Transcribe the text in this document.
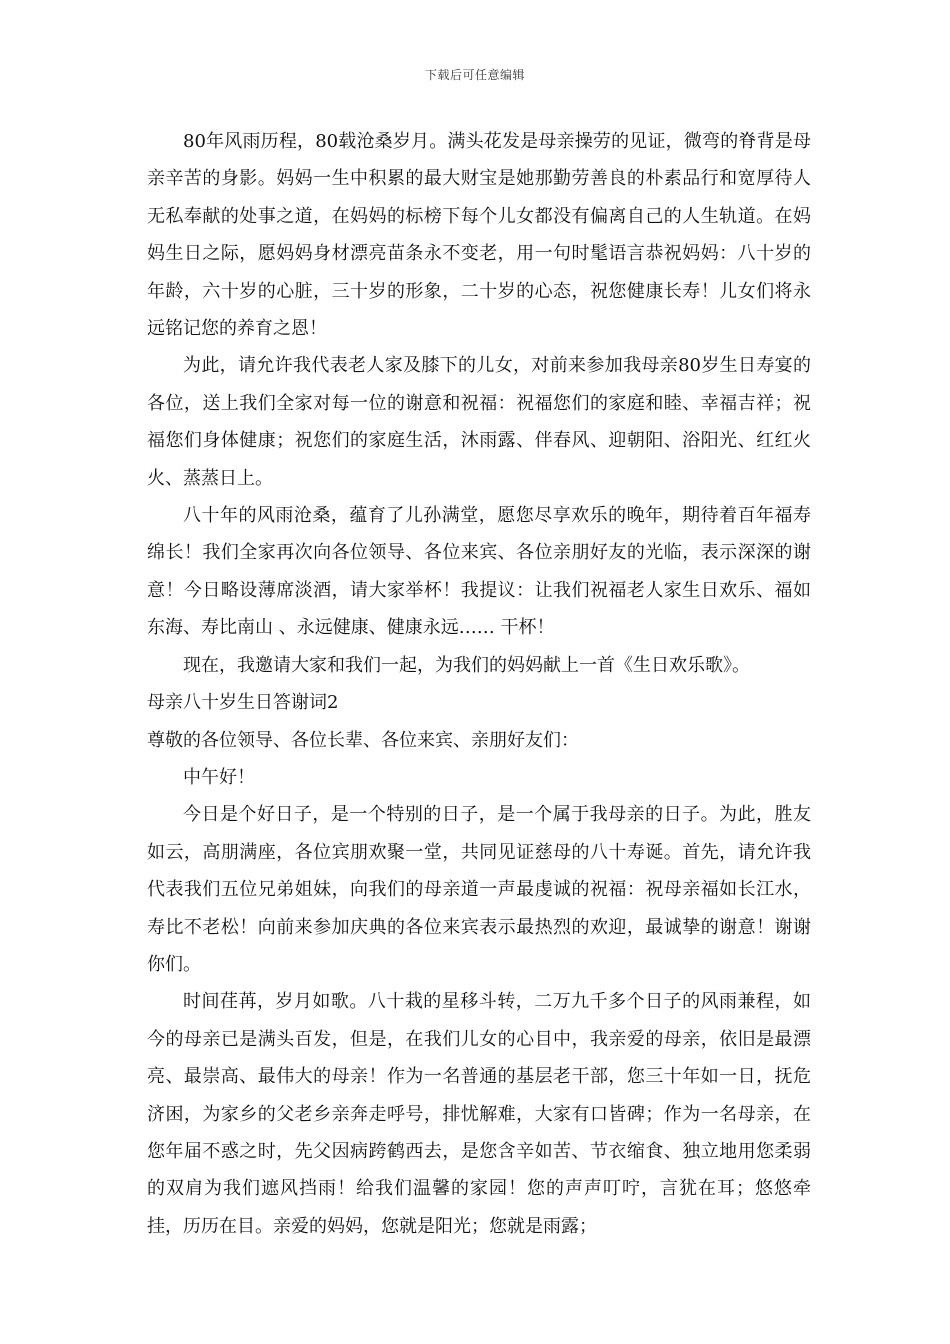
下载后可任意编辑

80年风雨历程，80载沧桑岁月。满头花发是母亲操劳的见证，微弯的脊背是母亲辛苦的身影。妈妈一生中积累的最大财宝是她那勤劳善良的朴素品行和宽厚待人无私奉献的处事之道，在妈妈的标榜下每个儿女都没有偏离自己的人生轨道。在妈妈生日之际，愿妈妈身材漂亮苗条永不变老，用一句时髦语言恭祝妈妈：八十岁的年龄，六十岁的心脏，三十岁的形象，二十岁的心态，祝您健康长寿！儿女们将永远铭记您的养育之恩！

为此，请允许我代表老人家及膝下的儿女，对前来参加我母亲80岁生日寿宴的各位，送上我们全家对每一位的谢意和祝福：祝福您们的家庭和睦、幸福吉祥；祝福您们身体健康；祝您们的家庭生活，沐雨露、伴春风、迎朝阳、浴阳光、红红火火、蒸蒸日上。

八十年的风雨沧桑，蕴育了儿孙满堂，愿您尽享欢乐的晚年，期待着百年福寿绵长！我们全家再次向各位领导、各位来宾、各位亲朋好友的光临，表示深深的谢意！今日略设薄席淡酒，请大家举杯！我提议：让我们祝福老人家生日欢乐、福如东海、寿比南山 、永远健康、健康永远…… 干杯！

现在，我邀请大家和我们一起，为我们的妈妈献上一首《生日欢乐歌》。

母亲八十岁生日答谢词2

尊敬的各位领导、各位长辈、各位来宾、亲朋好友们：

中午好！

今日是个好日子，是一个特别的日子，是一个属于我母亲的日子。为此，胜友如云，高朋满座，各位宾朋欢聚一堂，共同见证慈母的八十寿诞。首先，请允许我代表我们五位兄弟姐妹，向我们的母亲道一声最虔诚的祝福：祝母亲福如长江水，寿比不老松！向前来参加庆典的各位来宾表示最热烈的欢迎，最诚挚的谢意！谢谢你们。

时间荏苒，岁月如歌。八十栽的星移斗转，二万九千多个日子的风雨兼程，如今的母亲已是满头百发，但是，在我们儿女的心目中，我亲爱的母亲，依旧是最漂亮、最崇高、最伟大的母亲！作为一名普通的基层老干部，您三十年如一日，抚危济困，为家乡的父老乡亲奔走呼号，排忧解难，大家有口皆碑；作为一名母亲，在您年届不惑之时，先父因病跨鹤西去，是您含辛如苦、节衣缩食、独立地用您柔弱的双肩为我们遮风挡雨！给我们温馨的家园！您的声声叮咛，言犹在耳；悠悠牵挂，历历在目。亲爱的妈妈，您就是阳光；您就是雨露；
